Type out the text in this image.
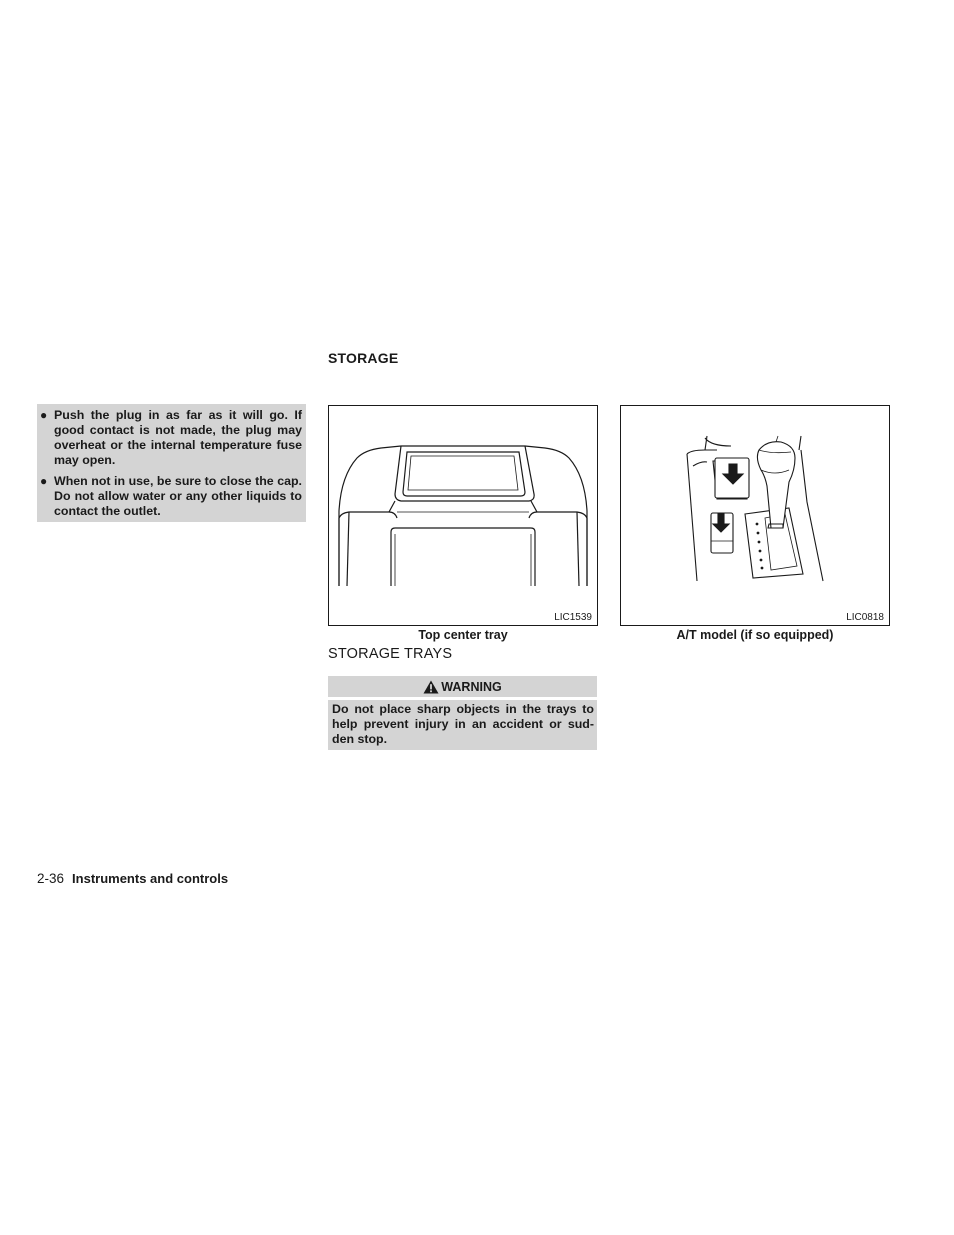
● Push the plug in as far as it will go. If good contact is not made, the plug may overheat or the internal temperature fuse may open.
● When not in use, be sure to close the cap. Do not allow water or any other liquids to contact the outlet.
STORAGE
LIC1539	LIC0818
Top center tray	A/T model (if so equipped)
STORAGE TRAYS
WARNING
Do not place sharp objects in the trays to help prevent injury in an accident or sud-den stop.
2-36 Instruments and controls
